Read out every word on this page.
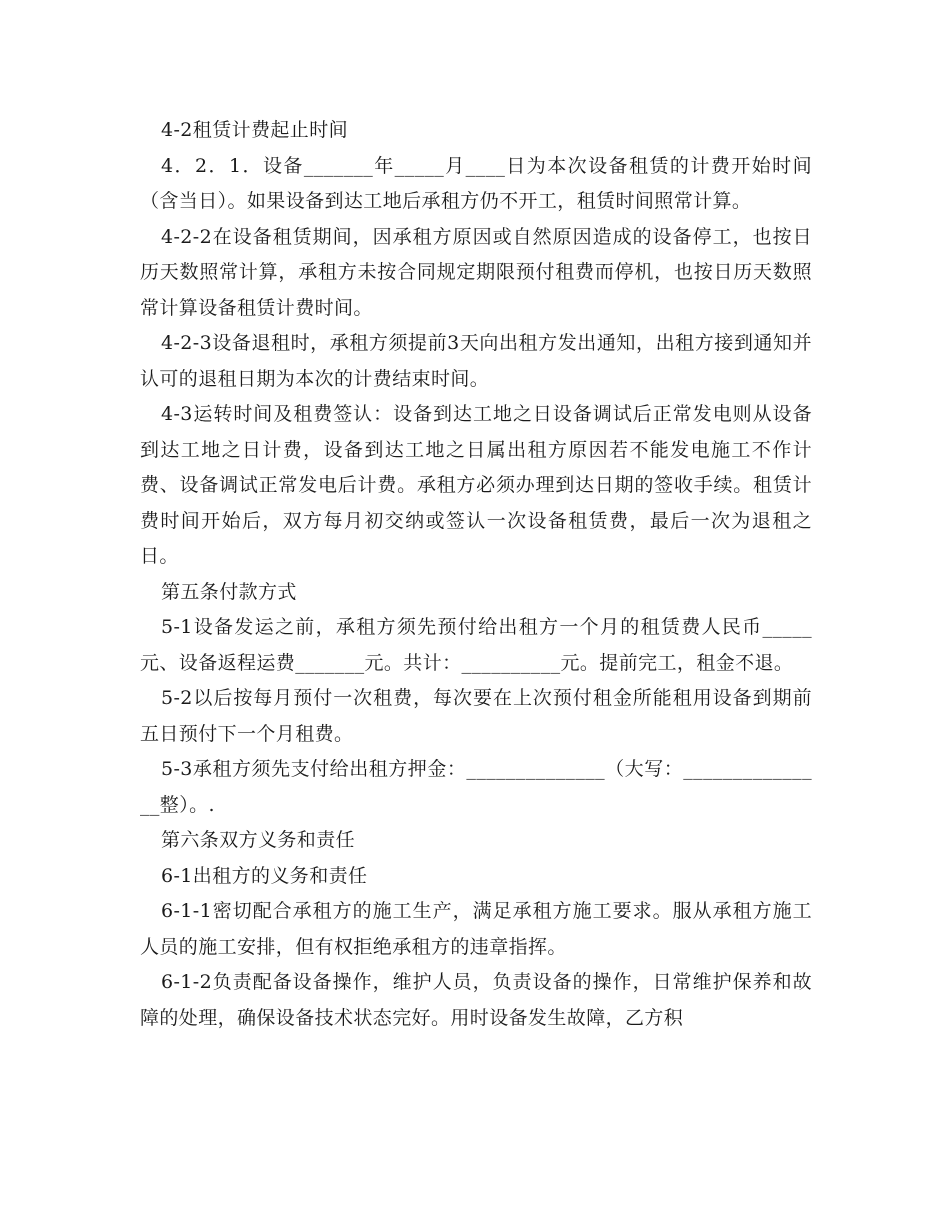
4-2租赁计费起止时间

4．2．1．设备_______年_____月____日为本次设备租赁的计费开始时间（含当日）。如果设备到达工地后承租方仍不开工，租赁时间照常计算。

4-2-2在设备租赁期间，因承租方原因或自然原因造成的设备停工，也按日历天数照常计算，承租方未按合同规定期限预付租费而停机，也按日历天数照常计算设备租赁计费时间。

4-2-3设备退租时，承租方须提前3天向出租方发出通知，出租方接到通知并认可的退租日期为本次的计费结束时间。

4-3运转时间及租费签认：设备到达工地之日设备调试后正常发电则从设备到达工地之日计费，设备到达工地之日属出租方原因若不能发电施工不作计费、设备调试正常发电后计费。承租方必须办理到达日期的签收手续。租赁计费时间开始后，双方每月初交纳或签认一次设备租赁费，最后一次为退租之日。

第五条付款方式

5-1设备发运之前，承租方须先预付给出租方一个月的租赁费人民币_____元、设备返程运费_______元。共计：__________元。提前完工，租金不退。

5-2以后按每月预付一次租费，每次要在上次预付租金所能租用设备到期前五日预付下一个月租费。

5-3承租方须先支付给出租方押金：______________（大写：_______________整）。.

第六条双方义务和责任

6-1出租方的义务和责任

6-1-1密切配合承租方的施工生产，满足承租方施工要求。服从承租方施工人员的施工安排，但有权拒绝承租方的违章指挥。

6-1-2负责配备设备操作，维护人员，负责设备的操作，日常维护保养和故障的处理，确保设备技术状态完好。用时设备发生故障，乙方积
